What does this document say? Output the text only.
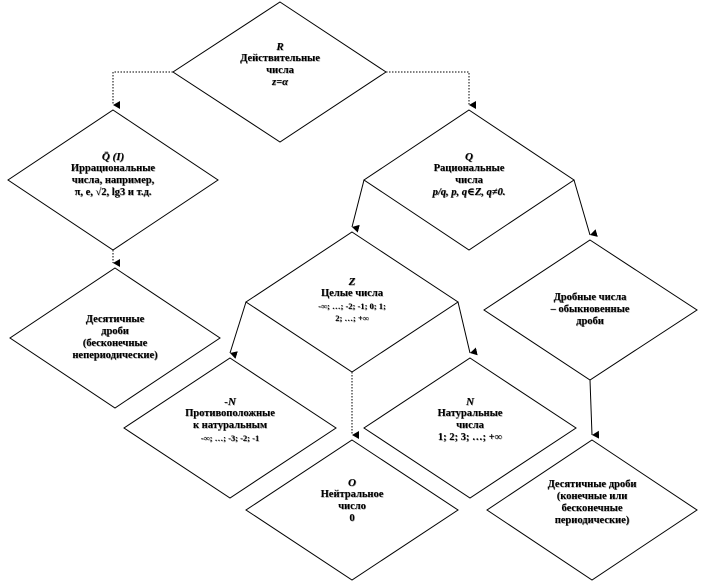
R
Действительные
числа
z=α
Q̄ (I)
Иррациональные
числа, например,
π, e, √2, lg3 и т.д.
Q
Рациональные
числа
p/q, p, q∈Z, q≠0.
Десятичные
дроби
(бесконечные
непериодические)
Z
Целые числа
-∞; …; -2; -1; 0; 1;
2; …; +∞
Дробные числа
– обыкновенные
дроби
-N
Противоположные
к натуральным
-∞; …; -3; -2; -1
N
Натуральные
числа
1; 2; 3; …; +∞
O
Нейтральное
число
0
Десятичные дроби
(конечные или
бесконечные
периодические)
